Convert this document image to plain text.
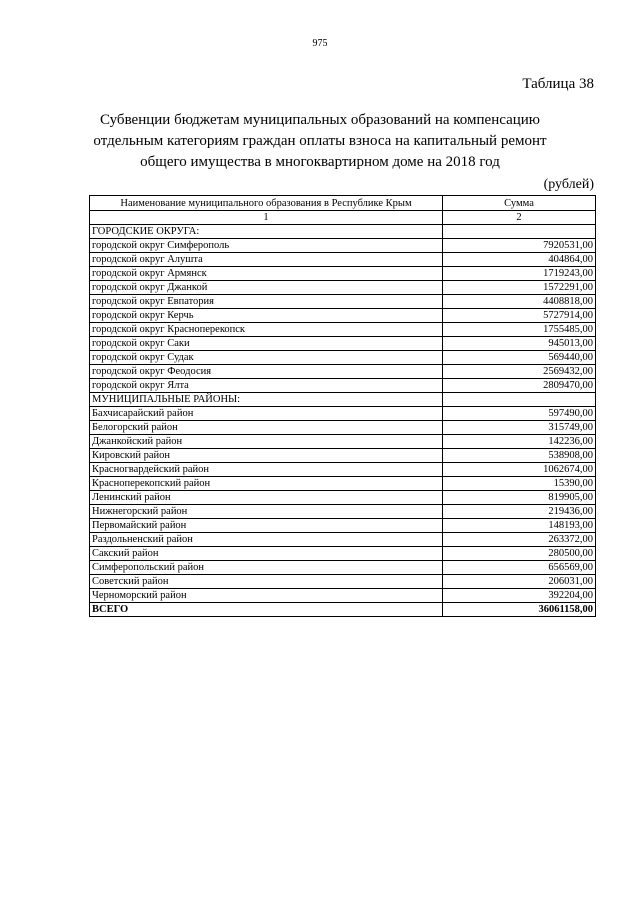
975
Таблица 38
Субвенции бюджетам муниципальных образований на компенсацию
отдельным категориям граждан оплаты взноса на капитальный ремонт
общего имущества в многоквартирном доме на 2018 год
(рублей)
Наименование муниципального образования в Республике Крым	Сумма
1	2
ГОРОДСКИЕ ОКРУГА:	
городской округ Симферополь	7920531,00
городской округ Алушта	404864,00
городской округ Армянск	1719243,00
городской округ Джанкой	1572291,00
городской округ Евпатория	4408818,00
городской округ Керчь	5727914,00
городской округ Красноперекопск	1755485,00
городской округ Саки	945013,00
городской округ Судак	569440,00
городской округ Феодосия	2569432,00
городской округ Ялта	2809470,00
МУНИЦИПАЛЬНЫЕ РАЙОНЫ:	
Бахчисарайский район	597490,00
Белогорский район	315749,00
Джанкойский район	142236,00
Кировский район	538908,00
Красногвардейский район	1062674,00
Красноперекопский район	15390,00
Ленинский район	819905,00
Нижнегорский район	219436,00
Первомайский район	148193,00
Раздольненский район	263372,00
Сакский район	280500,00
Симферопольский район	656569,00
Советский район	206031,00
Черноморский район	392204,00
ВСЕГО	36061158,00
